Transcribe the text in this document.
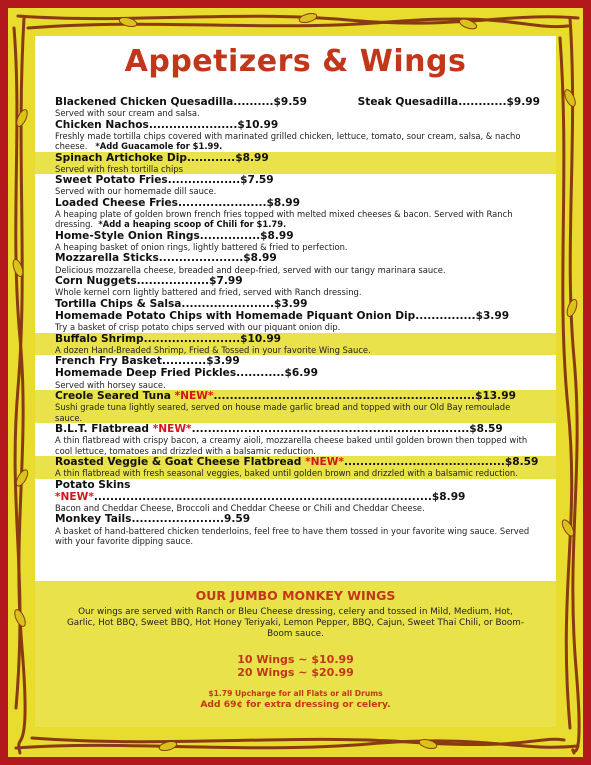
Appetizers & Wings
Blackened Chicken Quesadilla..........$9.59	Steak Quesadilla............$9.99
Served with sour cream and salsa.
Chicken Nachos......................$10.99
Freshly made tortilla chips covered with marinated grilled chicken, lettuce, tomato, sour cream, salsa, & nacho cheese. *Add Guacamole for $1.99.
Spinach Artichoke Dip............$8.99
Served with fresh tortilla chips
Sweet Potato Fries..................$7.59
Served with our homemade dill sauce.
Loaded Cheese Fries......................$8.99
A heaping plate of golden brown french fries topped with melted mixed cheeses & bacon. Served with Ranch dressing. *Add a heaping scoop of Chili for $1.79.
Home-Style Onion Rings...............$8.99
A heaping basket of onion rings, lightly battered & fried to perfection.
Mozzarella Sticks.....................$8.99
Delicious mozzarella cheese, breaded and deep-fried, served with our tangy marinara sauce.
Corn Nuggets..................$7.99
Whole kernel corn lightly battered and fried, served with Ranch dressing.
Tortilla Chips & Salsa.......................$3.99
Homemade Potato Chips with Homemade Piquant Onion Dip...............$3.99
Try a basket of crisp potato chips served with our piquant onion dip.
Buffalo Shrimp........................$10.99
A dozen Hand-Breaded Shrimp, Fried & Tossed in your favorite Wing Sauce.
French Fry Basket...........$3.99
Homemade Deep Fried Pickles............$6.99
Served with horsey sauce.
Creole Seared Tuna *NEW*.................................................................$13.99
Sushi grade tuna lightly seared, served on house made garlic bread and topped with our Old Bay remoulade sauce.
B.L.T. Flatbread *NEW*.....................................................................$8.59
A thin flatbread with crispy bacon, a creamy aioli, mozzarella cheese baked until golden brown then topped with cool lettuce, tomatoes and drizzled with a balsamic reduction.
Roasted Veggie & Goat Cheese Flatbread *NEW*........................................$8.59
A thin flatbread with fresh seasonal veggies, baked until golden brown and drizzled with a balsamic reduction.
Potato Skins *NEW*....................................................................................$8.99
Bacon and Cheddar Cheese, Broccoli and Cheddar Cheese or Chili and Cheddar Cheese.
Monkey Tails.......................9.59
A basket of hand-battered chicken tenderloins, feel free to have them tossed in your favorite wing sauce. Served with your favorite dipping sauce.
OUR JUMBO MONKEY WINGS
Our wings are served with Ranch or Bleu Cheese dressing, celery and tossed in Mild, Medium, Hot, Garlic, Hot BBQ, Sweet BBQ, Hot Honey Teriyaki, Lemon Pepper, BBQ, Cajun, Sweet Thai Chili, or Boom-Boom sauce.
10 Wings ~ $10.99
20 Wings ~ $20.99
$1.79 Upcharge for all Flats or all Drums
Add 69¢ for extra dressing or celery.
